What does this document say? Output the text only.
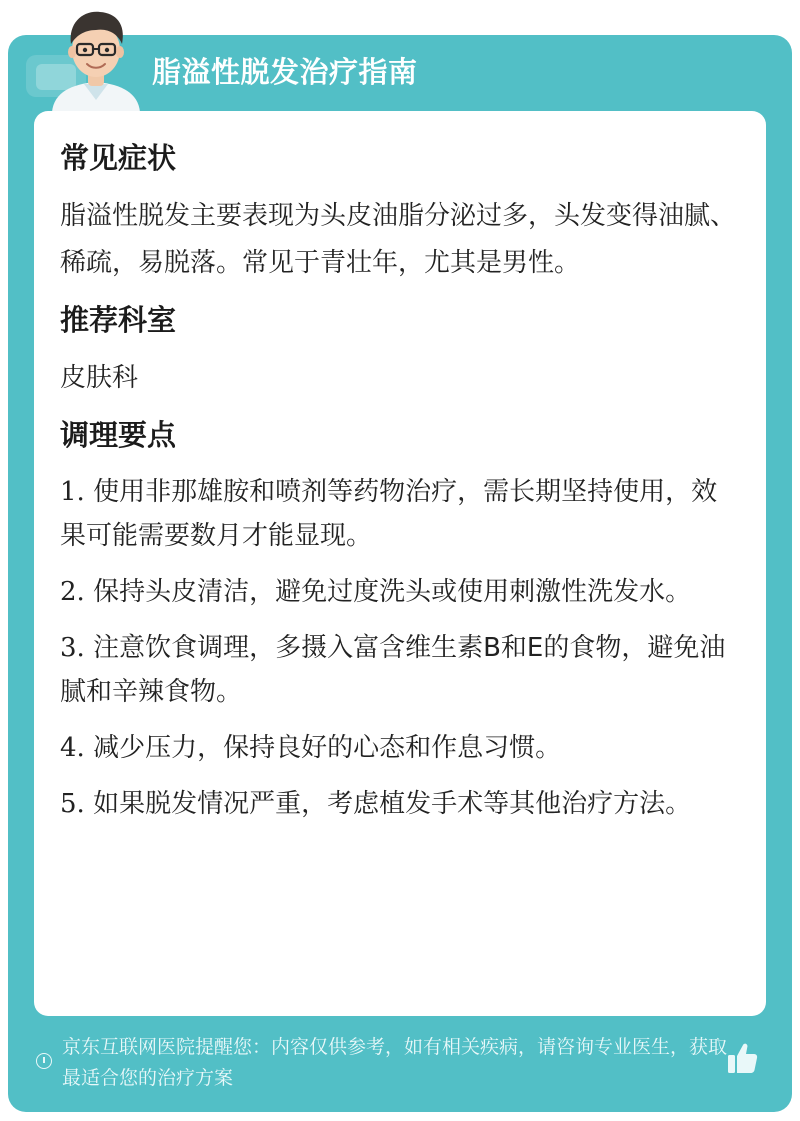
脂溢性脱发治疗指南
常见症状
脂溢性脱发主要表现为头皮油脂分泌过多，头发变得油腻、稀疏，易脱落。常见于青壮年，尤其是男性。
推荐科室
皮肤科
调理要点
1. 使用非那雄胺和喷剂等药物治疗，需长期坚持使用，效果可能需要数月才能显现。
2. 保持头皮清洁，避免过度洗头或使用刺激性洗发水。
3. 注意饮食调理，多摄入富含维生素B和E的食物，避免油腻和辛辣食物。
4. 减少压力，保持良好的心态和作息习惯。
5. 如果脱发情况严重，考虑植发手术等其他治疗方法。
京东互联网医院提醒您：内容仅供参考，如有相关疾病，请咨询专业医生，获取最适合您的治疗方案
